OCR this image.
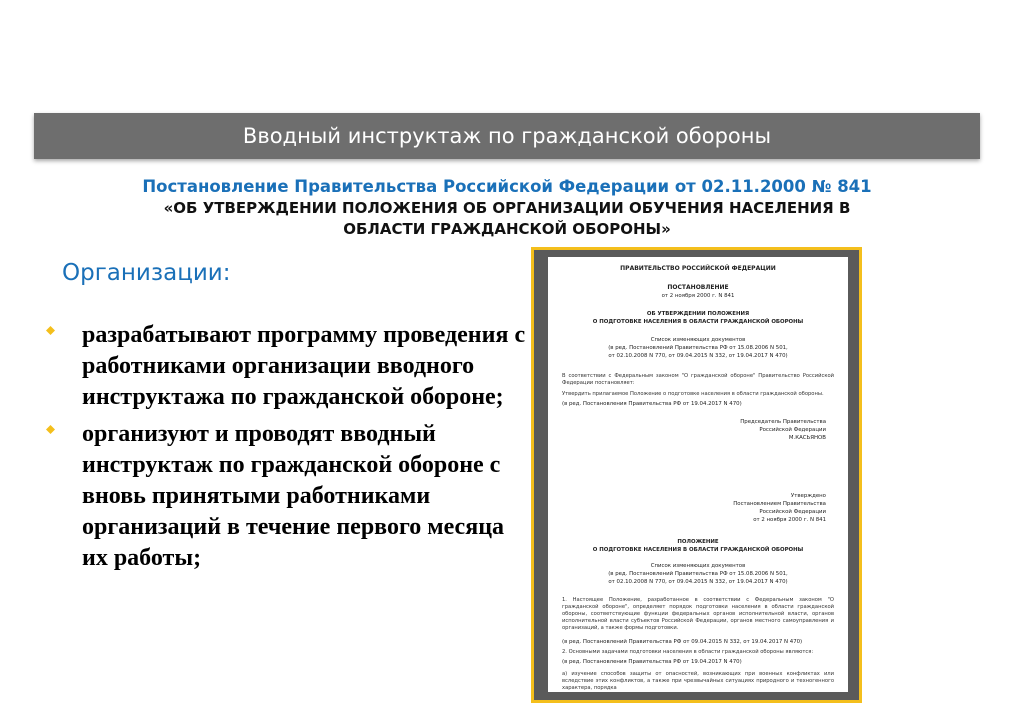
Вводный инструктаж по гражданской обороны
Постановление Правительства Российской Федерации от 02.11.2000 № 841
«ОБ УТВЕРЖДЕНИИ ПОЛОЖЕНИЯ ОБ ОРГАНИЗАЦИИ ОБУЧЕНИЯ НАСЕЛЕНИЯ В
ОБЛАСТИ ГРАЖДАНСКОЙ ОБОРОНЫ»
Организации:
разрабатывают программу проведения с работниками организации вводного инструктажа по гражданской обороне;
организуют и проводят вводный инструктаж по гражданской обороне с вновь принятыми работниками организаций в течение первого месяца их работы;
ПРАВИТЕЛЬСТВО РОССИЙСКОЙ ФЕДЕРАЦИИ
ПОСТАНОВЛЕНИЕ
от 2 ноября 2000 г. N 841
ОБ УТВЕРЖДЕНИИ ПОЛОЖЕНИЯ
О ПОДГОТОВКЕ НАСЕЛЕНИЯ В ОБЛАСТИ ГРАЖДАНСКОЙ ОБОРОНЫ
Список изменяющих документов
(в ред. Постановлений Правительства РФ от 15.08.2006 N 501,
от 02.10.2008 N 770, от 09.04.2015 N 332, от 19.04.2017 N 470)
В соответствии с Федеральным законом "О гражданской обороне" Правительство Российской Федерации постановляет:
Утвердить прилагаемое Положение о подготовке населения в области гражданской обороны.
(в ред. Постановления Правительства РФ от 19.04.2017 N 470)
Председатель Правительства
Российской Федерации
М.КАСЬЯНОВ
Утверждено
Постановлением Правительства
Российской Федерации
от 2 ноября 2000 г. N 841
ПОЛОЖЕНИЕ
О ПОДГОТОВКЕ НАСЕЛЕНИЯ В ОБЛАСТИ ГРАЖДАНСКОЙ ОБОРОНЫ
Список изменяющих документов
(в ред. Постановлений Правительства РФ от 15.08.2006 N 501,
от 02.10.2008 N 770, от 09.04.2015 N 332, от 19.04.2017 N 470)
1. Настоящее Положение, разработанное в соответствии с Федеральным законом "О гражданской обороне", определяет порядок подготовки населения в области гражданской обороны, соответствующие функции федеральных органов исполнительной власти, органов исполнительной власти субъектов Российской Федерации, органов местного самоуправления и организаций, а также формы подготовки.
(в ред. Постановлений Правительства РФ от 09.04.2015 N 332, от 19.04.2017 N 470)
2. Основными задачами подготовки населения в области гражданской обороны являются:
(в ред. Постановления Правительства РФ от 19.04.2017 N 470)
а) изучение способов защиты от опасностей, возникающих при военных конфликтах или вследствие этих конфликтов, а также при чрезвычайных ситуациях природного и техногенного характера, порядка
